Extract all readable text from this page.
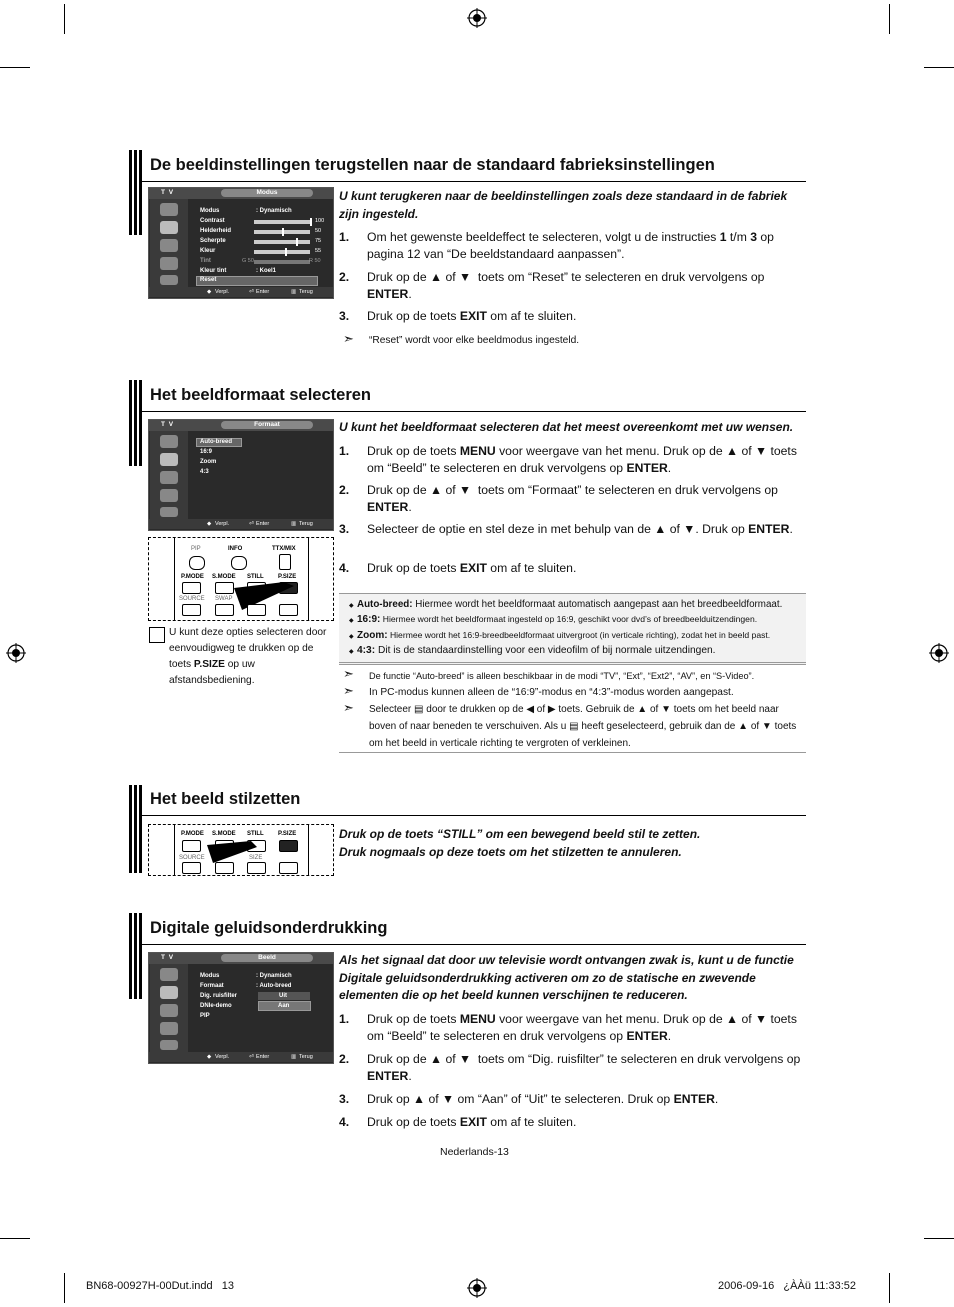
De beeldinstellingen terugstellen naar de standaard fabrieksinstellingen
T V	Modus
Modus	: Dynamisch
Contrast	100
Helderheid	50
Scherpte	75
Kleur	55
Tint	G 50	R 50
Kleur tint	: Koel1
Reset
◆ Verpl.	⏎ Enter	▥ Terug
U kunt terugkeren naar de beeldinstellingen zoals deze standaard in de fabriek zijn ingesteld.
1. Om het gewenste beeldeffect te selecteren, volgt u de instructies 1 t/m 3 op pagina 12 van “De beeldstandaard aanpassen”.
2. Druk op de ▲ of ▼  toets om “Reset” te selecteren en druk vervolgens op ENTER.
3. Druk op de toets EXIT om af te sluiten.
➣ “Reset” wordt voor elke beeldmodus ingesteld.
Het beeldformaat selecteren
T V	Formaat
Auto-breed
16:9
Zoom
4:3
◆ Verpl.	⏎ Enter	▥ Terug
PIP	INFO	TTX/MIX
P.MODE S.MODE STILL P.SIZE
SOURCE SWAP
U kunt deze opties selecteren door eenvoudigweg te drukken op de toets P.SIZE op uw afstandsbediening.
U kunt het beeldformaat selecteren dat het meest overeenkomt met uw wensen.
1. Druk op de toets MENU voor weergave van het menu. Druk op de ▲ of ▼ toets om “Beeld” te selecteren en druk vervolgens op ENTER.
2. Druk op de ▲ of ▼  toets om “Formaat” te selecteren en druk vervolgens op ENTER.
3. Selecteer de optie en stel deze in met behulp van de ▲ of ▼. Druk op ENTER.
4. Druk op de toets EXIT om af te sluiten.
◆ Auto-breed: Hiermee wordt het beeldformaat automatisch aangepast aan het breedbeeldformaat.
◆ 16:9: Hiermee wordt het beeldformaat ingesteld op 16:9, geschikt voor dvd’s of breedbeelduitzendingen.
◆ Zoom: Hiermee wordt het 16:9-breedbeeldformaat uitvergroot (in verticale richting), zodat het in beeld past.
◆ 4:3: Dit is de standaardinstelling voor een videofilm of bij normale uitzendingen.
➣ De functie “Auto-breed” is alleen beschikbaar in de modi “TV”, “Ext”, “Ext2”, “AV”, en “S-Video”.
➣ In PC-modus kunnen alleen de “16:9”-modus en “4:3”-modus worden aangepast.
➣ Selecteer ▤ door te drukken op de ◀ of ▶ toets. Gebruik de ▲ of ▼ toets om het beeld naar boven of naar beneden te verschuiven. Als u ▤ heeft geselecteerd, gebruik dan de ▲ of ▼ toets om het beeld in verticale richting te vergroten of verkleinen.
Het beeld stilzetten
P.MODE S.MODE STILL P.SIZE
SOURCE	SIZE
Druk op de toets “STILL” om een bewegend beeld stil te zetten.
Druk nogmaals op deze toets om het stilzetten te annuleren.
Digitale geluidsonderdrukking
T V	Beeld
Modus	: Dynamisch
Formaat	: Auto-breed
Dig. ruisfilter	Uit
DNIe-demo	Aan
PIP
◆ Verpl.	⏎ Enter	▥ Terug
Als het signaal dat door uw televisie wordt ontvangen zwak is, kunt u de functie Digitale geluidsonderdrukking activeren om zo de statische en zwevende elementen die op het beeld kunnen verschijnen te reduceren.
1. Druk op de toets MENU voor weergave van het menu. Druk op de ▲ of ▼ toets om “Beeld” te selecteren en druk vervolgens op ENTER.
2. Druk op de ▲ of ▼  toets om “Dig. ruisfilter” te selecteren en druk vervolgens op ENTER.
3. Druk op ▲ of ▼ om “Aan” of “Uit” te selecteren. Druk op ENTER.
4. Druk op de toets EXIT om af te sluiten.
Nederlands-13
BN68-00927H-00Dut.indd   13	2006-09-16   ¿ÀÀü 11:33:52
